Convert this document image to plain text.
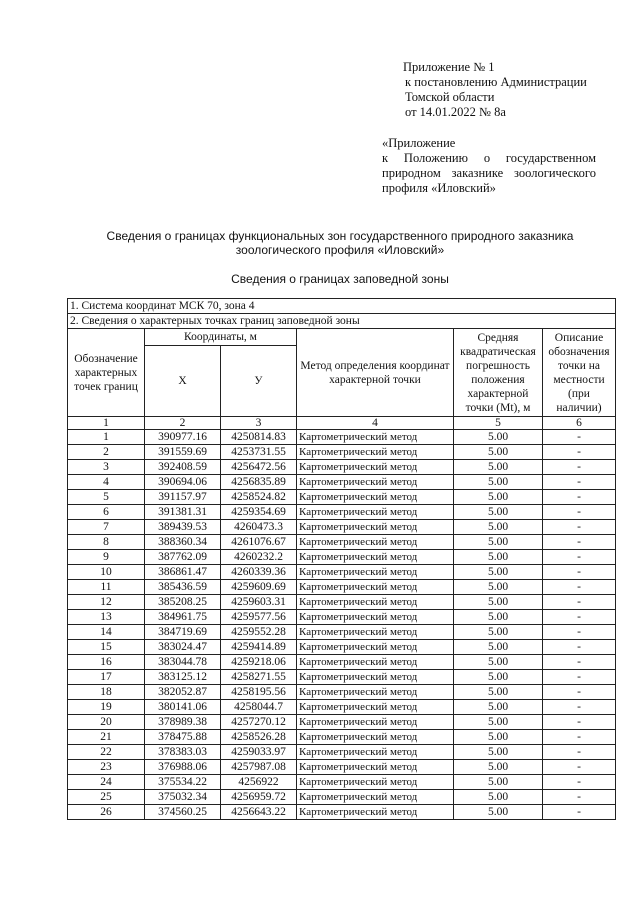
Приложение № 1
к постановлению Администрации
Томской области
от 14.01.2022 № 8а
«Приложение
к Положению о государственном
природном заказнике зоологического
профиля «Иловский»
Сведения о границах функциональных зон государственного природного заказника
зоологического профиля «Иловский»
Сведения о границах заповедной зоны
1. Система координат МСК 70, зона 4					
2. Сведения о характерных точках границ заповедной зоны					
Обозначение характерных точек границ	Координаты, м		Метод определения координат характерной точки	Средняя квадратическая погрешность положения характерной точки (Mt), м	Описание обозначения точки на местности (при наличии)
	X	У			
1	2	3	4	5	6
1	390977.16	4250814.83	Картометрический метод	5.00	-
2	391559.69	4253731.55	Картометрический метод	5.00	-
3	392408.59	4256472.56	Картометрический метод	5.00	-
4	390694.06	4256835.89	Картометрический метод	5.00	-
5	391157.97	4258524.82	Картометрический метод	5.00	-
6	391381.31	4259354.69	Картометрический метод	5.00	-
7	389439.53	4260473.3	Картометрический метод	5.00	-
8	388360.34	4261076.67	Картометрический метод	5.00	-
9	387762.09	4260232.2	Картометрический метод	5.00	-
10	386861.47	4260339.36	Картометрический метод	5.00	-
11	385436.59	4259609.69	Картометрический метод	5.00	-
12	385208.25	4259603.31	Картометрический метод	5.00	-
13	384961.75	4259577.56	Картометрический метод	5.00	-
14	384719.69	4259552.28	Картометрический метод	5.00	-
15	383024.47	4259414.89	Картометрический метод	5.00	-
16	383044.78	4259218.06	Картометрический метод	5.00	-
17	383125.12	4258271.55	Картометрический метод	5.00	-
18	382052.87	4258195.56	Картометрический метод	5.00	-
19	380141.06	4258044.7	Картометрический метод	5.00	-
20	378989.38	4257270.12	Картометрический метод	5.00	-
21	378475.88	4258526.28	Картометрический метод	5.00	-
22	378383.03	4259033.97	Картометрический метод	5.00	-
23	376988.06	4257987.08	Картометрический метод	5.00	-
24	375534.22	4256922	Картометрический метод	5.00	-
25	375032.34	4256959.72	Картометрический метод	5.00	-
26	374560.25	4256643.22	Картометрический метод	5.00	-
